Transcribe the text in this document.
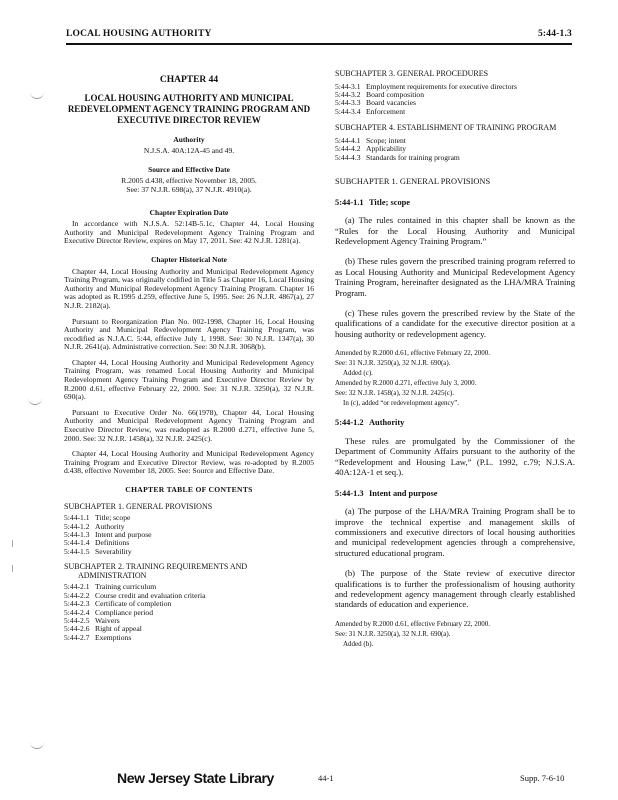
LOCAL HOUSING AUTHORITY	5:44-1.3
CHAPTER 44
LOCAL HOUSING AUTHORITY AND MUNICIPAL REDEVELOPMENT AGENCY TRAINING PROGRAM AND EXECUTIVE DIRECTOR REVIEW
Authority
N.J.S.A. 40A:12A-45 and 49.
Source and Effective Date
R.2005 d.438, effective November 18, 2005.
See: 37 N.J.R. 698(a), 37 N.J.R. 4910(a).
Chapter Expiration Date

In accordance with N.J.S.A. 52:14B-5.1c, Chapter 44, Local Housing Authority and Municipal Redevelopment Agency Training Program and Executive Director Review, expires on May 17, 2011. See: 42 N.J.R. 1281(a).

Chapter Historical Note

Chapter 44, Local Housing Authority and Municipal Redevelopment Agency Training Program, was originally codified in Title 5 as Chapter 16, Local Housing Authority and Municipal Redevelopment Agency Training Program. Chapter 16 was adopted as R.1995 d.259, effective June 5, 1995. See: 26 N.J.R. 4867(a), 27 N.J.R. 2182(a).

Pursuant to Reorganization Plan No. 002-1998, Chapter 16, Local Housing Authority and Municipal Redevelopment Agency Training Program, was recodified as N.J.A.C. 5:44, effective July 1, 1998. See: 30 N.J.R. 1347(a), 30 N.J.R. 2641(a). Administrative correction. See: 30 N.J.R. 3068(b).

Chapter 44, Local Housing Authority and Municipal Redevelopment Agency Training Program, was renamed Local Housing Authority and Municipal Redevelopment Agency Training Program and Executive Director Review by R.2000 d.61, effective February 22, 2000. See: 31 N.J.R. 3250(a), 32 N.J.R. 690(a).

Pursuant to Executive Order No. 66(1978), Chapter 44, Local Housing Authority and Municipal Redevelopment Agency Training Program and Executive Director Review, was readopted as R.2000 d.271, effective June 5, 2000. See: 32 N.J.R. 1458(a), 32 N.J.R. 2425(c).

Chapter 44, Local Housing Authority and Municipal Redevelopment Agency Training Program and Executive Director Review, was re-adopted by R.2005 d.438, effective November 18, 2005. See: Source and Effective Date.

CHAPTER TABLE OF CONTENTS
SUBCHAPTER 1. GENERAL PROVISIONS
5:44-1.1 Title; scope
5:44-1.2 Authority
5:44-1.3 Intent and purpose
5:44-1.4 Definitions
5:44-1.5 Severability
SUBCHAPTER 2. TRAINING REQUIREMENTS AND ADMINISTRATION
5:44-2.1 Training curriculum
5:44-2.2 Course credit and evaluation criteria
5:44-2.3 Certificate of completion
5:44-2.4 Compliance period
5:44-2.5 Waivers
5:44-2.6 Right of appeal
5:44-2.7 Exemptions
SUBCHAPTER 3. GENERAL PROCEDURES
5:44-3.1 Employment requirements for executive directors
5:44-3.2 Board composition
5:44-3.3 Board vacancies
5:44-3.4 Enforcement
SUBCHAPTER 4. ESTABLISHMENT OF TRAINING PROGRAM
5:44-4.1 Scope; intent
5:44-4.2 Applicability
5:44-4.3 Standards for training program
SUBCHAPTER 1. GENERAL PROVISIONS
5:44-1.1 Title; scope
(a) The rules contained in this chapter shall be known as the “Rules for the Local Housing Authority and Municipal Redevelopment Agency Training Program.”
(b) These rules govern the prescribed training program referred to as Local Housing Authority and Municipal Redevelopment Agency Training Program, hereinafter designated as the LHA/MRA Training Program.
(c) These rules govern the prescribed review by the State of the qualifications of a candidate for the executive director position at a housing authority or redevelopment agency.
Amended by R.2000 d.61, effective February 22, 2000.
See: 31 N.J.R. 3250(a), 32 N.J.R. 690(a).
Added (c).
Amended by R.2000 d.271, effective July 3, 2000.
See: 32 N.J.R. 1458(a), 32 N.J.R. 2425(c).
In (c), added “or redevelopment agency”.
5:44-1.2 Authority
These rules are promulgated by the Commissioner of the Department of Community Affairs pursuant to the authority of the “Redevelopment and Housing Law,” (P.L. 1992, c.79; N.J.S.A. 40A:12A-1 et seq.).
5:44-1.3 Intent and purpose
(a) The purpose of the LHA/MRA Training Program shall be to improve the technical expertise and management skills of commissioners and executive directors of local housing authorities and municipal redevelopment agencies through a comprehensive, structured educational program.
(b) The purpose of the State review of executive director qualifications is to further the professionalism of housing authority and redevelopment agency management through clearly established standards of education and experience.
Amended by R.2000 d.61, effective February 22, 2000.
See: 31 N.J.R. 3250(a), 32 N.J.R. 690(a).
Added (b).
New Jersey State Library	44-1	Supp. 7-6-10
